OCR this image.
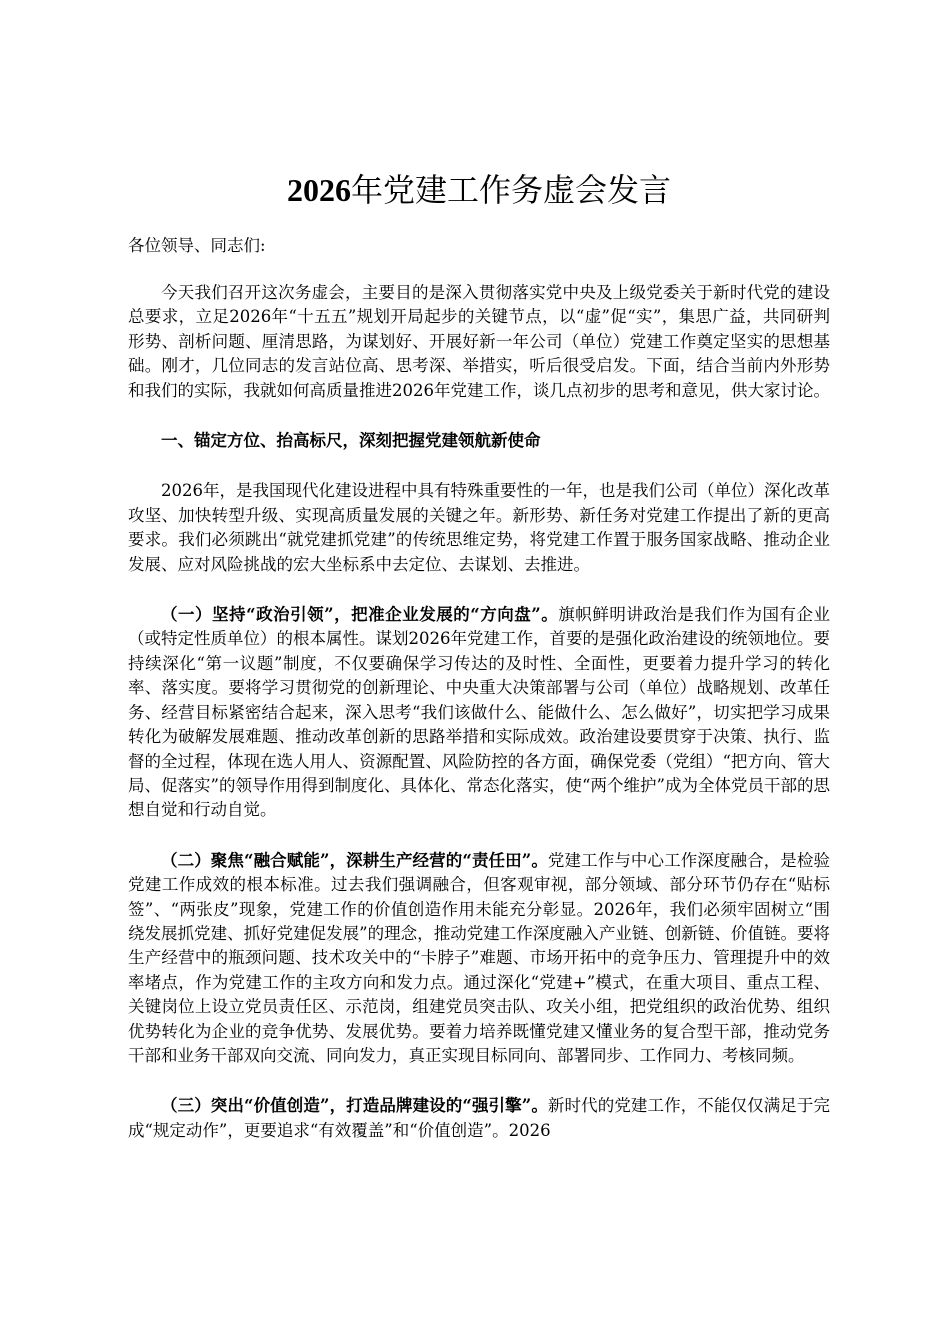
2026年党建工作务虚会发言

各位领导、同志们:

今天我们召开这次务虚会，主要目的是深入贯彻落实党中央及上级党委关于新时代党的建设总要求，立足2026年“十五五”规划开局起步的关键节点，以“虚”促“实”，集思广益，共同研判形势、剖析问题、厘清思路，为谋划好、开展好新一年公司（单位）党建工作奠定坚实的思想基础。刚才，几位同志的发言站位高、思考深、举措实，听后很受启发。下面，结合当前内外形势和我们的实际，我就如何高质量推进2026年党建工作，谈几点初步的思考和意见，供大家讨论。

一、锚定方位、抬高标尺，深刻把握党建领航新使命

2026年，是我国现代化建设进程中具有特殊重要性的一年，也是我们公司（单位）深化改革攻坚、加快转型升级、实现高质量发展的关键之年。新形势、新任务对党建工作提出了新的更高要求。我们必须跳出“就党建抓党建”的传统思维定势，将党建工作置于服务国家战略、推动企业发展、应对风险挑战的宏大坐标系中去定位、去谋划、去推进。

（一）坚持“政治引领”，把准企业发展的“方向盘”。旗帜鲜明讲政治是我们作为国有企业（或特定性质单位）的根本属性。谋划2026年党建工作，首要的是强化政治建设的统领地位。要持续深化“第一议题”制度，不仅要确保学习传达的及时性、全面性，更要着力提升学习的转化率、落实度。要将学习贯彻党的创新理论、中央重大决策部署与公司（单位）战略规划、改革任务、经营目标紧密结合起来，深入思考“我们该做什么、能做什么、怎么做好”，切实把学习成果转化为破解发展难题、推动改革创新的思路举措和实际成效。政治建设要贯穿于决策、执行、监督的全过程，体现在选人用人、资源配置、风险防控的各方面，确保党委（党组）“把方向、管大局、促落实”的领导作用得到制度化、具体化、常态化落实，使“两个维护”成为全体党员干部的思想自觉和行动自觉。

（二）聚焦“融合赋能”，深耕生产经营的“责任田”。党建工作与中心工作深度融合，是检验党建工作成效的根本标准。过去我们强调融合，但客观审视，部分领域、部分环节仍存在“贴标签”、“两张皮”现象，党建工作的价值创造作用未能充分彰显。2026年，我们必须牢固树立“围绕发展抓党建、抓好党建促发展”的理念，推动党建工作深度融入产业链、创新链、价值链。要将生产经营中的瓶颈问题、技术攻关中的“卡脖子”难题、市场开拓中的竞争压力、管理提升中的效率堵点，作为党建工作的主攻方向和发力点。通过深化“党建+”模式，在重大项目、重点工程、关键岗位上设立党员责任区、示范岗，组建党员突击队、攻关小组，把党组织的政治优势、组织优势转化为企业的竞争优势、发展优势。要着力培养既懂党建又懂业务的复合型干部，推动党务干部和业务干部双向交流、同向发力，真正实现目标同向、部署同步、工作同力、考核同频。

（三）突出“价值创造”，打造品牌建设的“强引擎”。新时代的党建工作，不能仅仅满足于完成“规定动作”，更要追求“有效覆盖”和“价值创造”。2026
